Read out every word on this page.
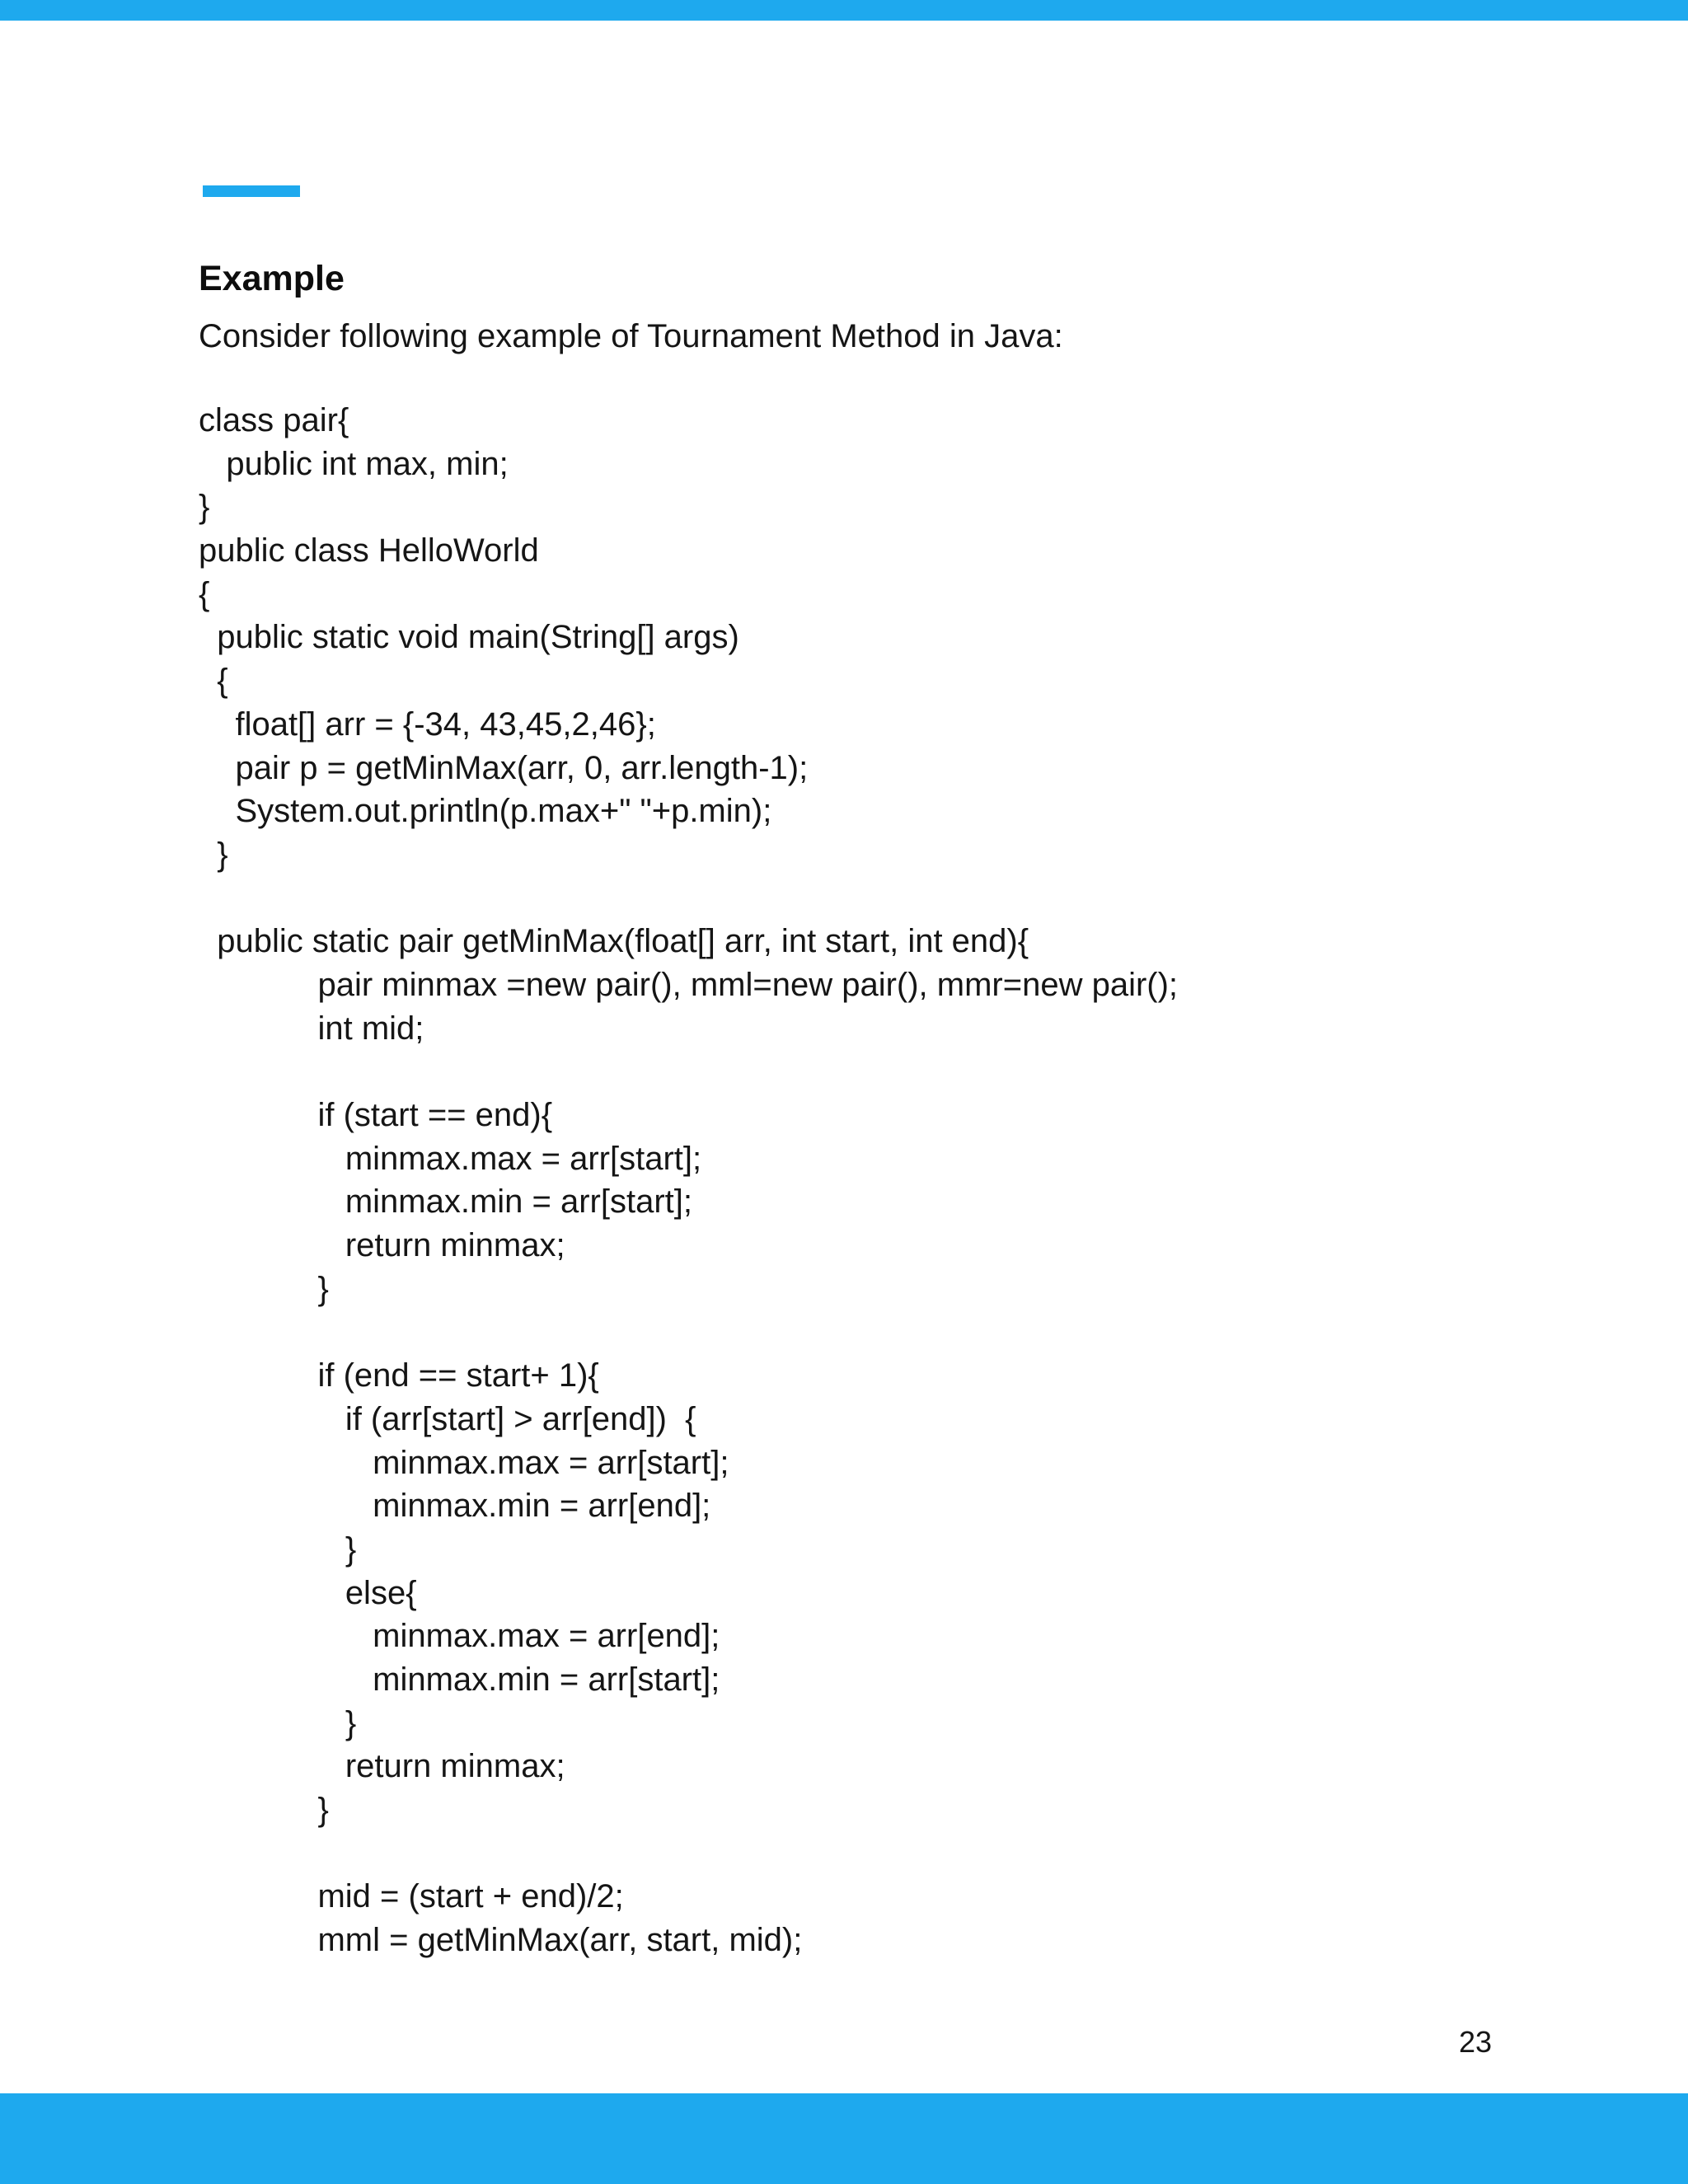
Example

Consider following example of Tournament Method in Java:

class pair{
public int max, min;
}
public class HelloWorld
{
public static void main(String[] args)
{
float[] arr = {-34, 43,45,2,46};
pair p = getMinMax(arr, 0, arr.length-1);
System.out.println(p.max+" "+p.min);
}
public static pair getMinMax(float[] arr, int start, int end){
pair minmax =new pair(), mml=new pair(), mmr=new pair();
int mid;
if (start == end){
minmax.max = arr[start];
minmax.min = arr[start];
return minmax;
}
if (end == start+ 1){
if (arr[start] > arr[end])  {
minmax.max = arr[start];
minmax.min = arr[end];
}
else{
minmax.max = arr[end];
minmax.min = arr[start];
}
return minmax;
}
mid = (start + end)/2;
mml = getMinMax(arr, start, mid);
23
